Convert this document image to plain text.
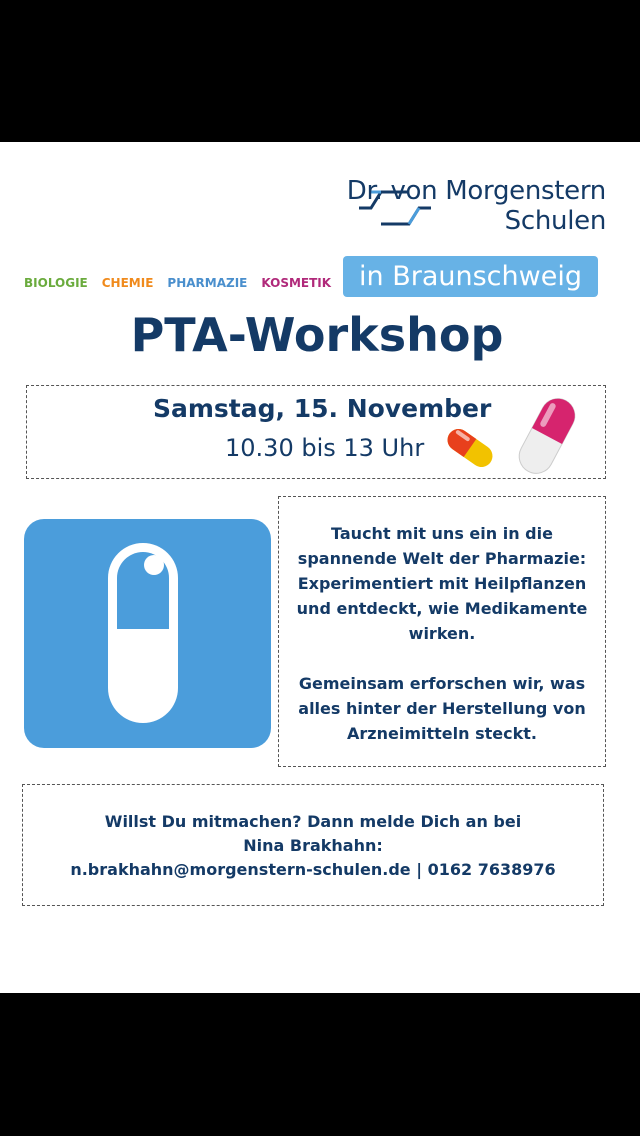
Dr. von Morgenstern
Schulen
BIOLOGIE CHEMIE PHARMAZIE KOSMETIK	in Braunschweig
PTA-Workshop
Samstag, 15. November
10.30 bis 13 Uhr

Taucht mit uns ein in die spannende Welt der Pharmazie: Experimentiert mit Heilpflanzen und entdeckt, wie Medikamente wirken.

Gemeinsam erforschen wir, was alles hinter der Herstellung von Arzneimitteln steckt.

Willst Du mitmachen? Dann melde Dich an bei
Nina Brakhahn:
n.brakhahn@morgenstern-schulen.de | 0162 7638976
